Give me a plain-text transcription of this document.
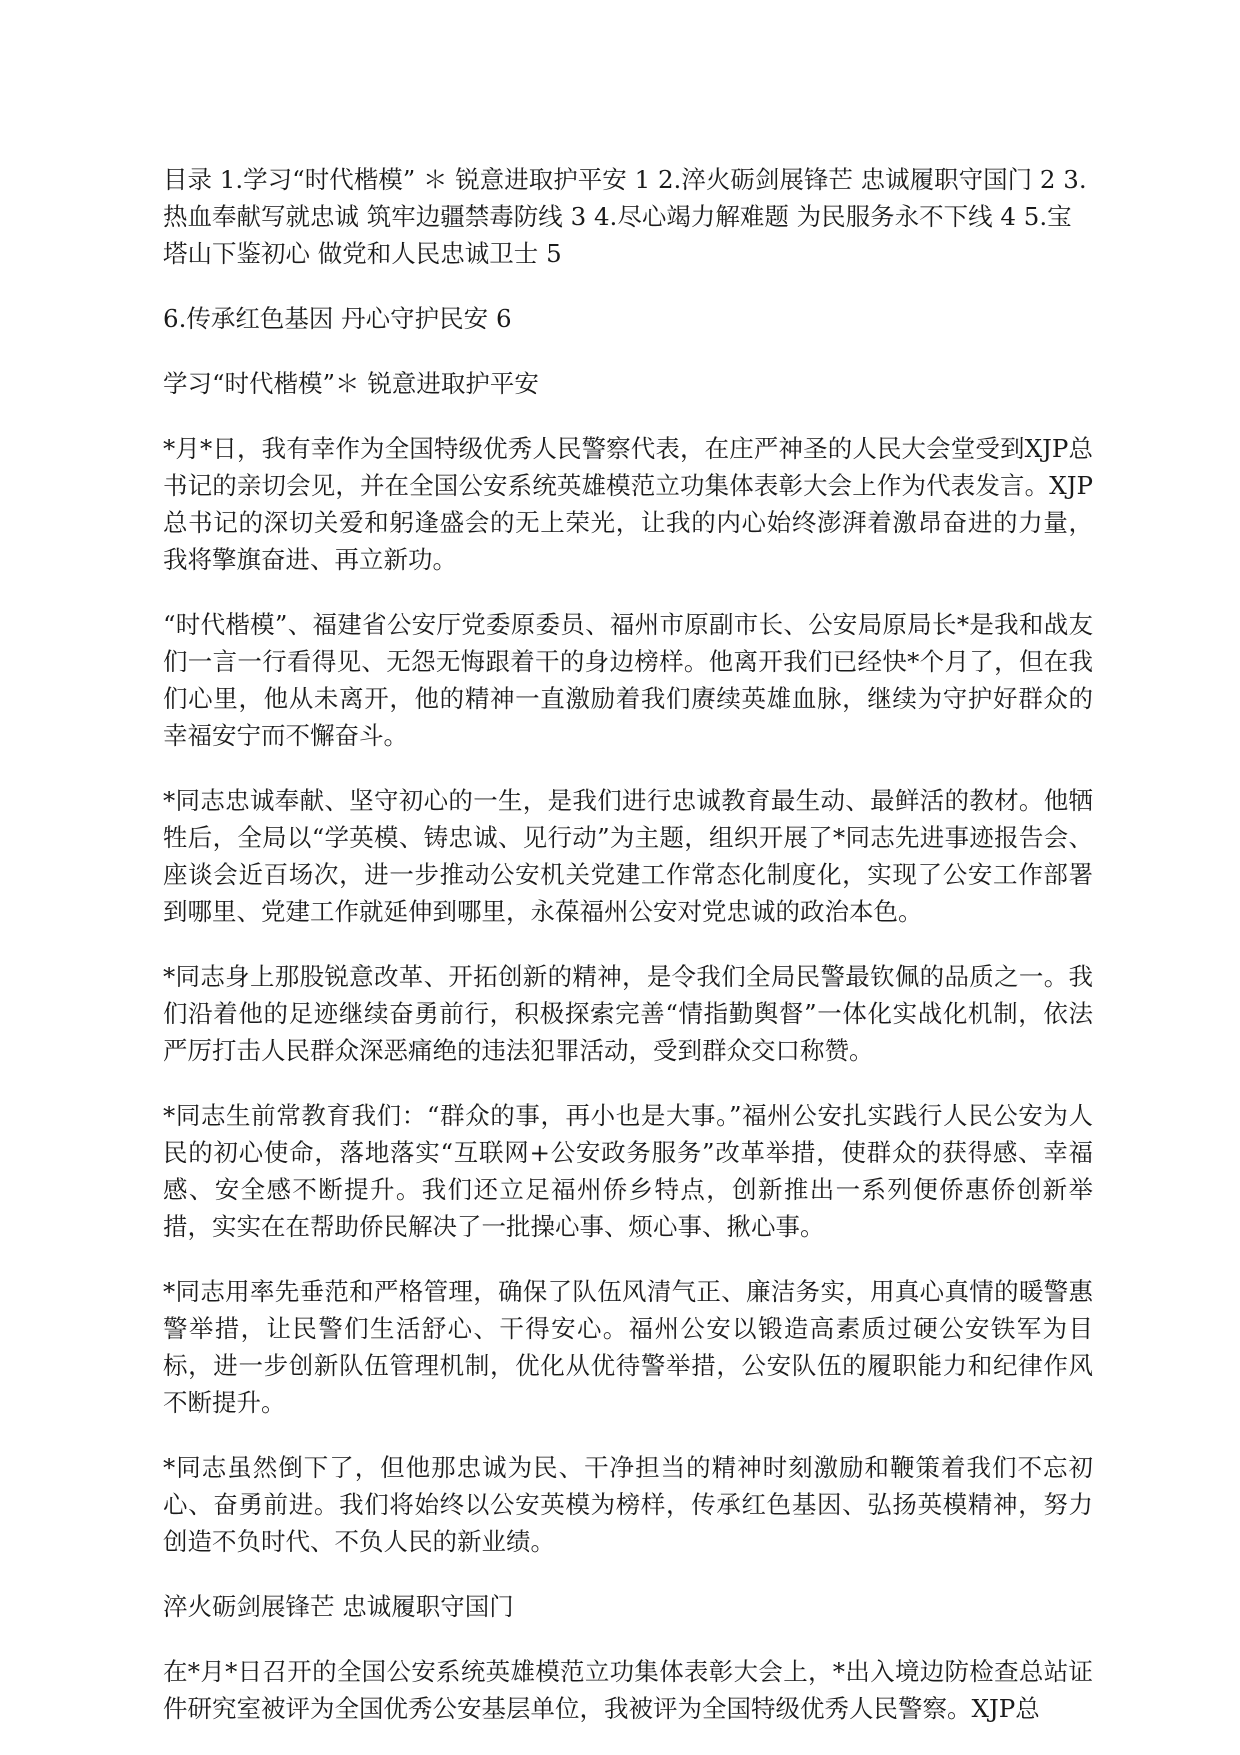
目录 1.学习“时代楷模” ＊ 锐意进取护平安 1 2.淬火砺剑展锋芒 忠诚履职守国门 2 3.热血奉献写就忠诚 筑牢边疆禁毒防线 3 4.尽心竭力解难题 为民服务永不下线 4 5.宝塔山下鉴初心 做党和人民忠诚卫士 5

6.传承红色基因 丹心守护民安 6

学习“时代楷模”＊ 锐意进取护平安

*月*日，我有幸作为全国特级优秀人民警察代表，在庄严神圣的人民大会堂受到XJP总书记的亲切会见，并在全国公安系统英雄模范立功集体表彰大会上作为代表发言。XJP总书记的深切关爱和躬逢盛会的无上荣光，让我的内心始终澎湃着激昂奋进的力量，我将擎旗奋进、再立新功。

“时代楷模”、福建省公安厅党委原委员、福州市原副市长、公安局原局长*是我和战友们一言一行看得见、无怨无悔跟着干的身边榜样。他离开我们已经快*个月了，但在我们心里，他从未离开，他的精神一直激励着我们赓续英雄血脉，继续为守护好群众的幸福安宁而不懈奋斗。

*同志忠诚奉献、坚守初心的一生，是我们进行忠诚教育最生动、最鲜活的教材。他牺牲后，全局以“学英模、铸忠诚、见行动”为主题，组织开展了*同志先进事迹报告会、座谈会近百场次，进一步推动公安机关党建工作常态化制度化，实现了公安工作部署到哪里、党建工作就延伸到哪里，永葆福州公安对党忠诚的政治本色。

*同志身上那股锐意改革、开拓创新的精神，是令我们全局民警最钦佩的品质之一。我们沿着他的足迹继续奋勇前行，积极探索完善“情指勤舆督”一体化实战化机制，依法严厉打击人民群众深恶痛绝的违法犯罪活动，受到群众交口称赞。

*同志生前常教育我们：“群众的事，再小也是大事。”福州公安扎实践行人民公安为人民的初心使命，落地落实“互联网+公安政务服务”改革举措，使群众的获得感、幸福感、安全感不断提升。我们还立足福州侨乡特点，创新推出一系列便侨惠侨创新举措，实实在在帮助侨民解决了一批操心事、烦心事、揪心事。

*同志用率先垂范和严格管理，确保了队伍风清气正、廉洁务实，用真心真情的暖警惠警举措，让民警们生活舒心、干得安心。福州公安以锻造高素质过硬公安铁军为目标，进一步创新队伍管理机制，优化从优待警举措，公安队伍的履职能力和纪律作风不断提升。

*同志虽然倒下了，但他那忠诚为民、干净担当的精神时刻激励和鞭策着我们不忘初心、奋勇前进。我们将始终以公安英模为榜样，传承红色基因、弘扬英模精神，努力创造不负时代、不负人民的新业绩。

淬火砺剑展锋芒 忠诚履职守国门

在*月*日召开的全国公安系统英雄模范立功集体表彰大会上，*出入境边防检查总站证件研究室被评为全国优秀公安基层单位，我被评为全国特级优秀人民警察。XJP总
